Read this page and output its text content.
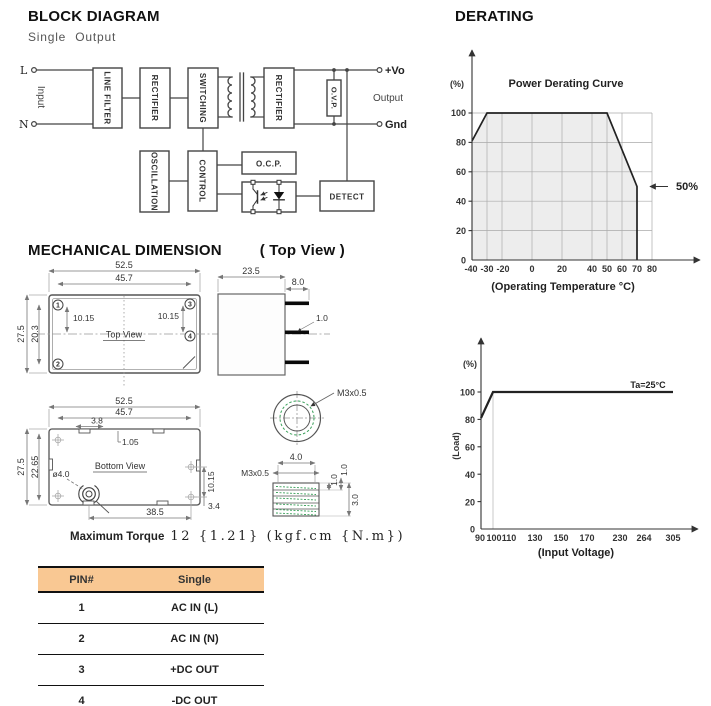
L
N
Input	LINE FILTER	RECTIFIER	SWITCHING	RECTIFIER	O.V.P.
OSCILLATION	CONTROL	O.C.P.
DETECT
+Vo
Output
Gnd
(%)	Power Derating Curve
100
80
60
40
20
0
-40 -30 -20 0 20 40 50 60 70 80
50%
(Operating Temperature °C)
(%)
(Load)
100
80
60
40
20
0
90 100 110 130 150 170 230 264 305
Ta=25°C
(Input Voltage)
1
2
3
4
52.5
45.7
27.5 20.3
10.15	10.15
Top View
23.5
8.0
1.0
ø4.0
52.5
45.7
3.8
1.05
27.5 22.65	Bottom View
10.15
3.4
38.5
M3x0.5
4.0
M3x0.5
1.0
1.0
3.0
BLOCK DIAGRAM
Single Output
DERATING
MECHANICAL DIMENSION	( Top View )
Maximum Torque 12 {1.21} (kgf.cm {N.m})
PIN#	Single
1	AC IN (L)
2	AC IN (N)
3	+DC OUT
4	-DC OUT
